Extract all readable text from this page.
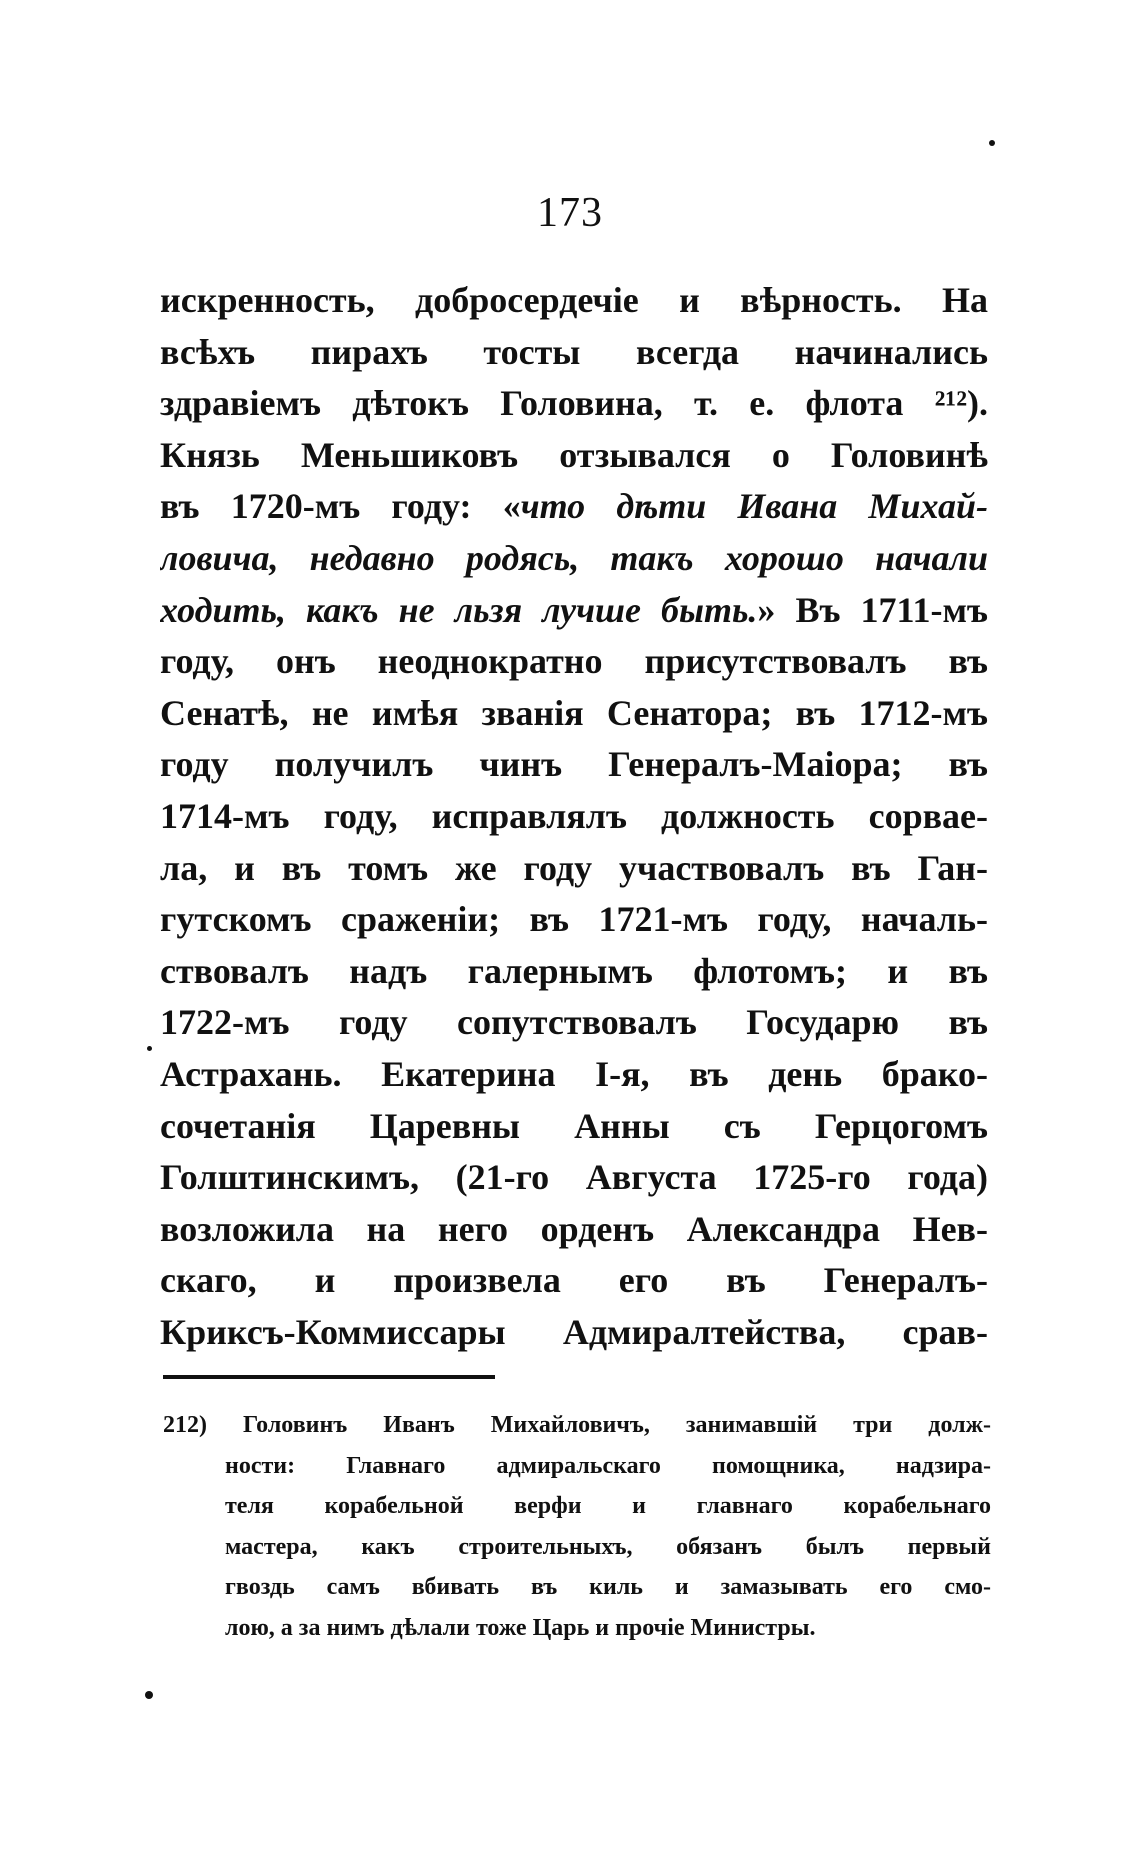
173
искренность, добросердечіе и вѣрность. На
всѣхъ пирахъ тосты всегда начинались
здравіемъ дѣтокъ Головина, т. е. флота ²¹²).
Князь Меньшиковъ отзывался о Головинѣ
въ 1720-мъ году: «что дѣти Ивана Михай-
ловича, недавно родясь, такъ хорошо начали
ходить, какъ не льзя лучше быть.» Въ 1711-мъ
году, онъ неоднократно присутствовалъ въ
Сенатѣ, не имѣя званія Сенатора; въ 1712-мъ
году получилъ чинъ Генералъ-Маіора; въ
1714-мъ году, исправлялъ должность сорвае-
ла, и въ томъ же году участвовалъ въ Ган-
гутскомъ сраженіи; въ 1721-мъ году, началь-
ствовалъ надъ галернымъ флотомъ; и въ
1722-мъ году сопутствовалъ Государю въ
Астрахань. Екатерина I-я, въ день брако-
сочетанія Царевны Анны съ Герцогомъ
Голштинскимъ, (21-го Августа 1725-го года)
возложила на него орденъ Александра Нев-
скаго, и произвела его въ Генералъ-
Криксъ-Коммиссары Адмиралтейства, срав-
212) Головинъ Иванъ Михайловичъ, занимавшій три долж-
ности: Главнаго адмиральскаго помощника, надзира-
теля корабельной верфи и главнаго корабельнаго
мастера, какъ строительныхъ, обязанъ былъ первый
гвоздь самъ вбивать въ киль и замазывать его смо-
лою, а за нимъ дѣлали тоже Царь и прочіе Министры.
